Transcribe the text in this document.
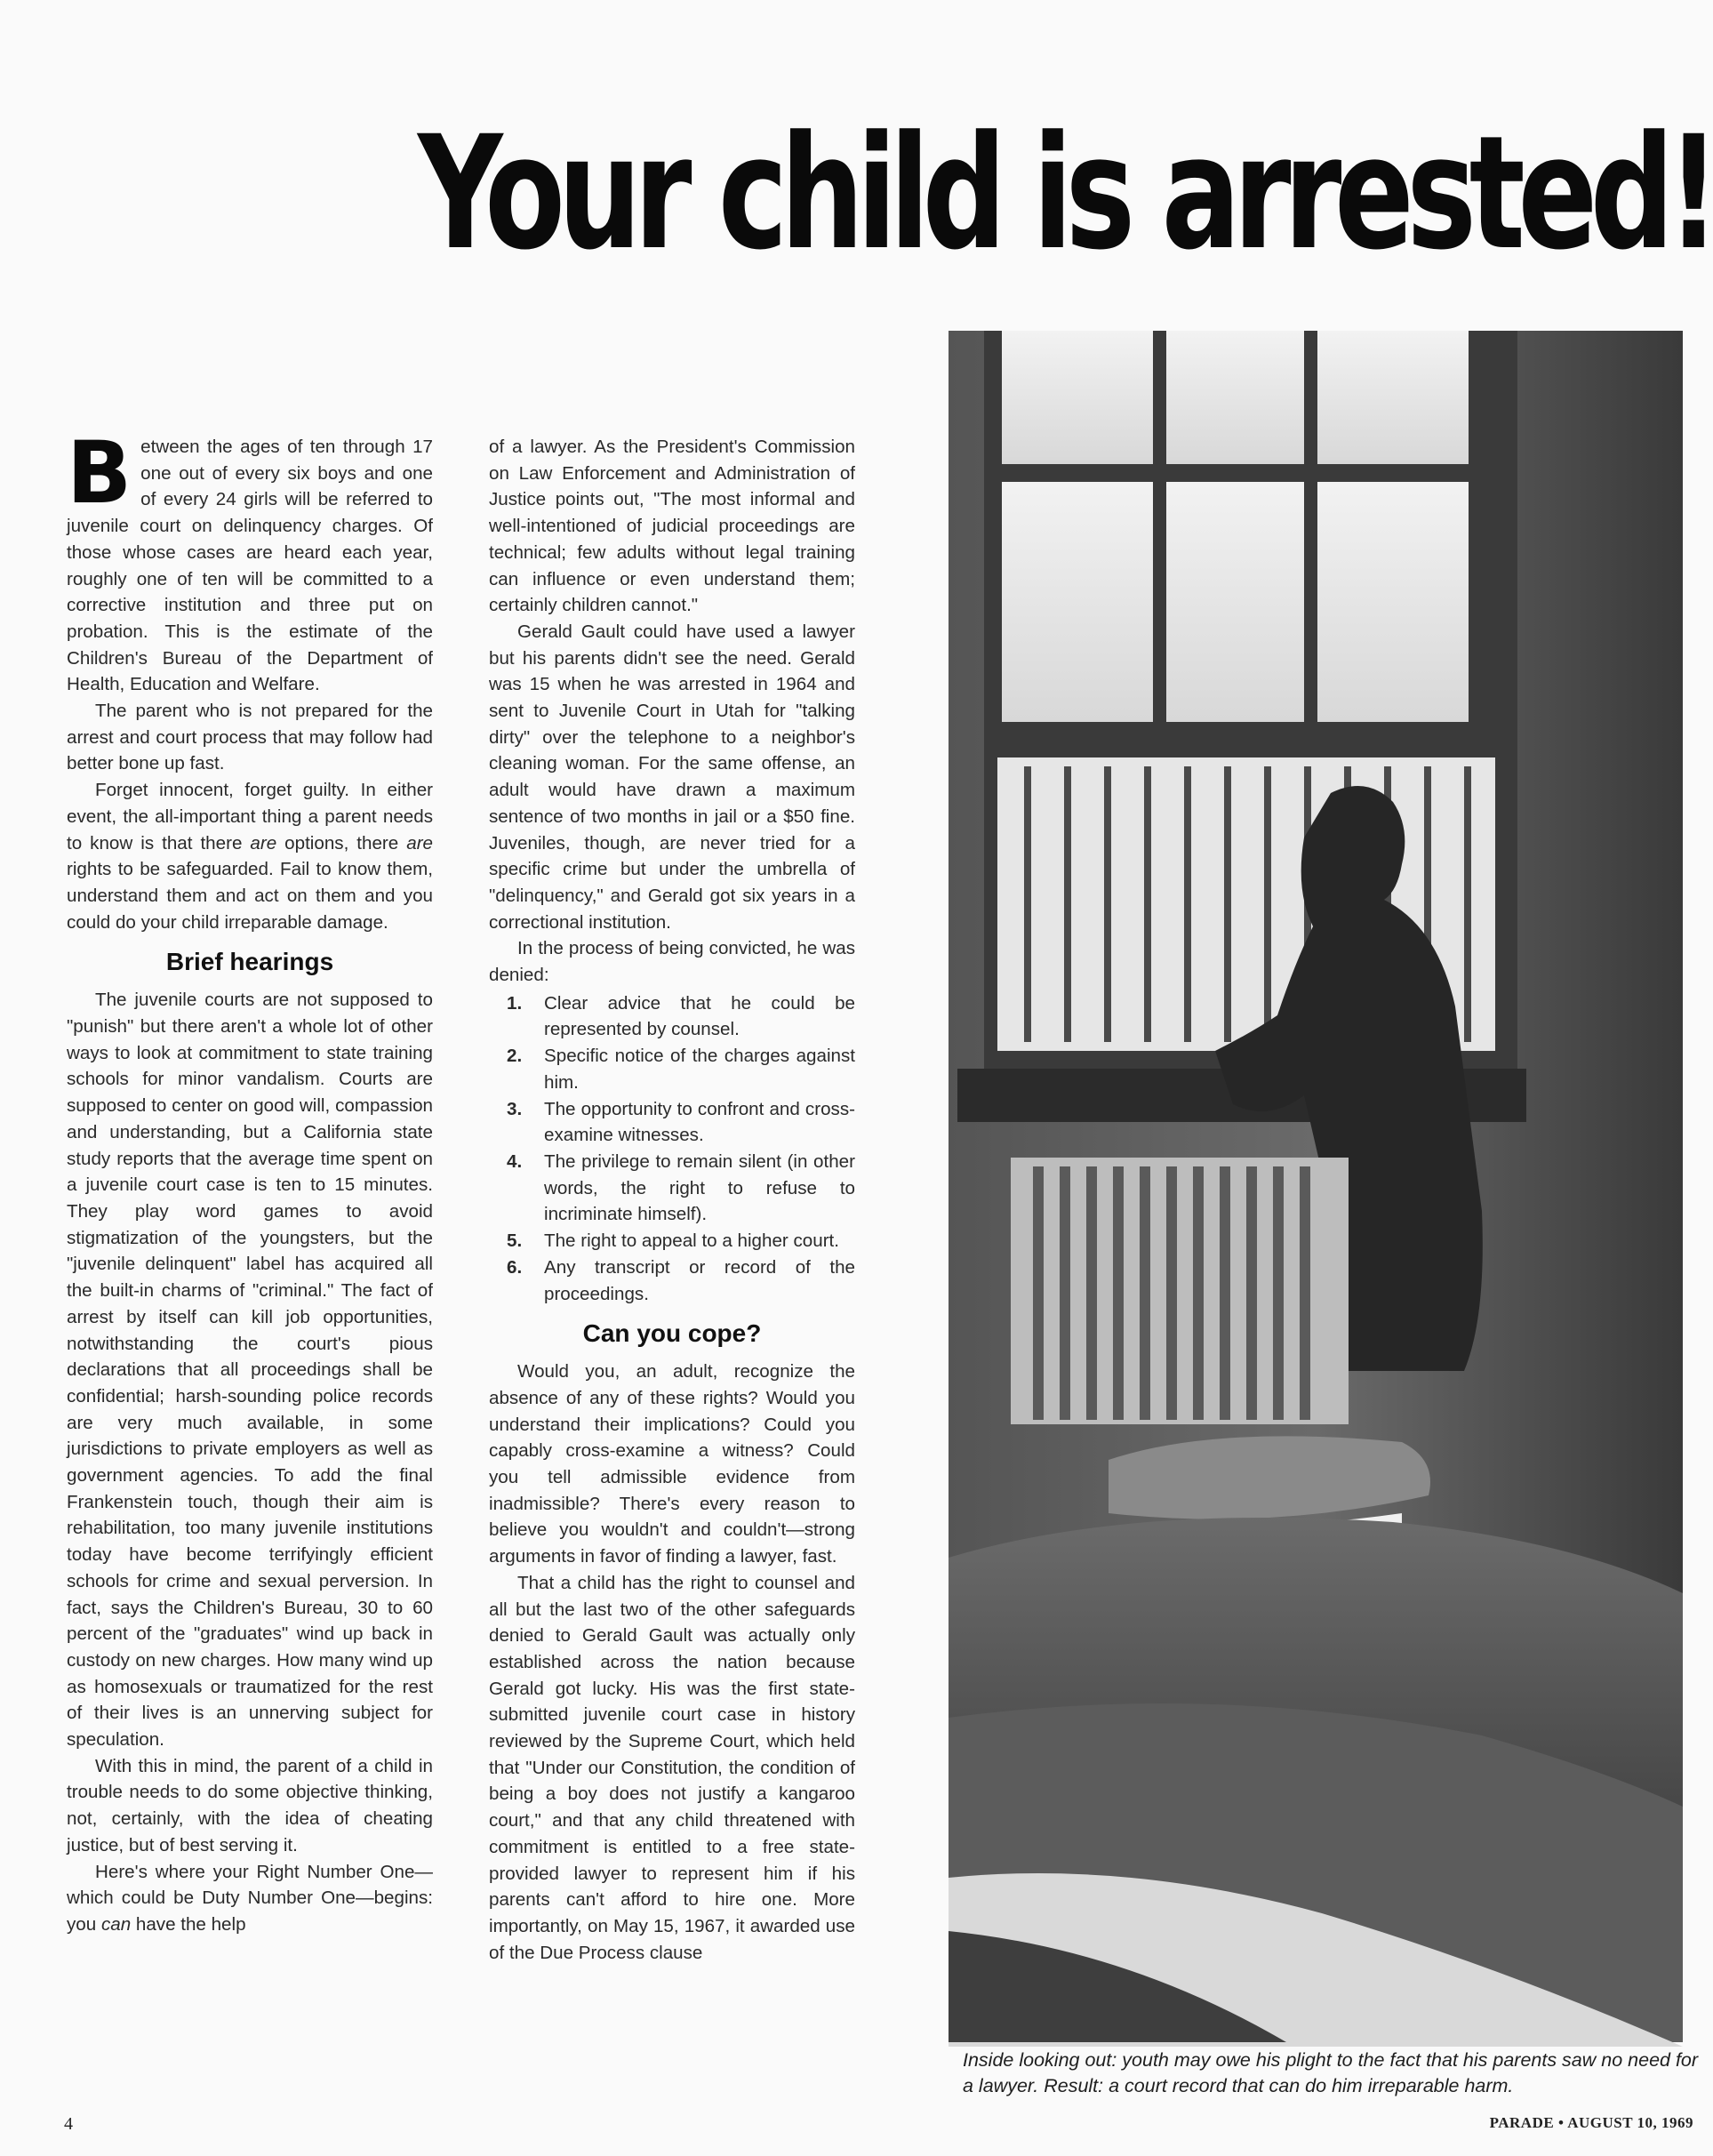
Your child is arrested!

Between the ages of ten through 17 one out of every six boys and one of every 24 girls will be referred to juvenile court on delinquency charges. Of those whose cases are heard each year, roughly one of ten will be committed to a corrective institution and three put on probation. This is the estimate of the Children's Bureau of the Department of Health, Education and Welfare.

The parent who is not prepared for the arrest and court process that may follow had better bone up fast.

Forget innocent, forget guilty. In either event, the all-important thing a parent needs to know is that there are options, there are rights to be safeguarded. Fail to know them, understand them and act on them and you could do your child irreparable damage.

Brief hearings

The juvenile courts are not supposed to "punish" but there aren't a whole lot of other ways to look at commitment to state training schools for minor vandalism. Courts are supposed to center on good will, compassion and understanding, but a California state study reports that the average time spent on a juvenile court case is ten to 15 minutes. They play word games to avoid stigmatization of the youngsters, but the "juvenile delinquent" label has acquired all the built-in charms of "criminal." The fact of arrest by itself can kill job opportunities, notwithstanding the court's pious declarations that all proceedings shall be confidential; harsh-sounding police records are very much available, in some jurisdictions to private employers as well as government agencies. To add the final Frankenstein touch, though their aim is rehabilitation, too many juvenile institutions today have become terrifyingly efficient schools for crime and sexual perversion. In fact, says the Children's Bureau, 30 to 60 percent of the "graduates" wind up back in custody on new charges. How many wind up as homosexuals or traumatized for the rest of their lives is an unnerving subject for speculation.

With this in mind, the parent of a child in trouble needs to do some objective thinking, not, certainly, with the idea of cheating justice, but of best serving it.

Here's where your Right Number One—which could be Duty Number One—begins: you can have the help

of a lawyer. As the President's Commission on Law Enforcement and Administration of Justice points out, "The most informal and well-intentioned of judicial proceedings are technical; few adults without legal training can influence or even understand them; certainly children cannot."

Gerald Gault could have used a lawyer but his parents didn't see the need. Gerald was 15 when he was arrested in 1964 and sent to Juvenile Court in Utah for "talking dirty" over the telephone to a neighbor's cleaning woman. For the same offense, an adult would have drawn a maximum sentence of two months in jail or a $50 fine. Juveniles, though, are never tried for a specific crime but under the umbrella of "delinquency," and Gerald got six years in a correctional institution.

In the process of being convicted, he was denied:

1.	Clear advice that he could be represented by counsel.
2.	Specific notice of the charges against him.
3.	The opportunity to confront and cross-examine witnesses.
4.	The privilege to remain silent (in other words, the right to refuse to incriminate himself).
5.	The right to appeal to a higher court.
6.	Any transcript or record of the proceedings.
Can you cope?

Would you, an adult, recognize the absence of any of these rights? Would you understand their implications? Could you capably cross-examine a witness? Could you tell admissible evidence from inadmissible? There's every reason to believe you wouldn't and couldn't—strong arguments in favor of finding a lawyer, fast.

That a child has the right to counsel and all but the last two of the other safeguards denied to Gerald Gault was actually only established across the nation because Gerald got lucky. His was the first state-submitted juvenile court case in history reviewed by the Supreme Court, which held that "Under our Constitution, the condition of being a boy does not justify a kangaroo court," and that any child threatened with commitment is entitled to a free state-provided lawyer to represent him if his parents can't afford to hire one. More importantly, on May 15, 1967, it awarded use of the Due Process clause

Inside looking out: youth may owe his plight to the fact that his parents saw no need for a lawyer. Result: a court record that can do him irreparable harm.
4	PARADE • AUGUST 10, 1969
